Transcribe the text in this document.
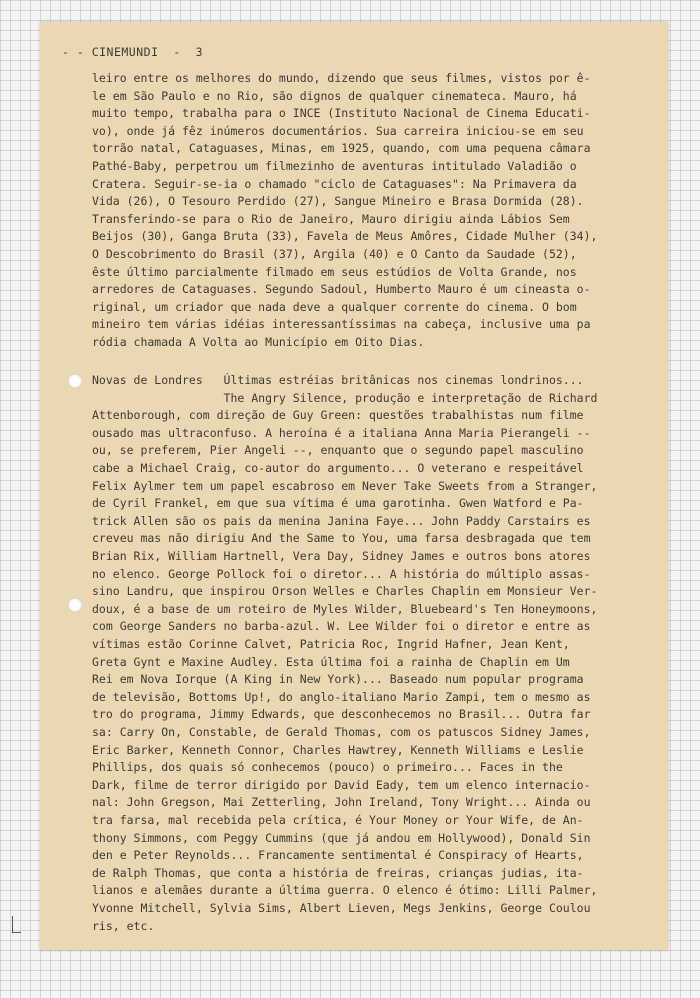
- - CINEMUNDI  -  3
leiro entre os melhores do mundo, dizendo que seus filmes, vistos por ê-
le em São Paulo e no Rio, são dignos de qualquer cinemateca. Mauro, há
muito tempo, trabalha para o INCE (Instituto Nacional de Cinema Educati-
vo), onde já fêz inúmeros documentários. Sua carreira iniciou-se em seu
torrão natal, Cataguases, Minas, em 1925, quando, com uma pequena câmara
Pathé-Baby, perpetrou um filmezinho de aventuras intitulado Valadião o
Cratera. Seguir-se-ia o chamado "ciclo de Cataguases": Na Primavera da
Vida (26), O Tesouro Perdido (27), Sangue Mineiro e Brasa Dormida (28).
Transferindo-se para o Rio de Janeiro, Mauro dirigiu ainda Lábios Sem
Beijos (30), Ganga Bruta (33), Favela de Meus Amôres, Cidade Mulher (34),
O Descobrimento do Brasil (37), Argila (40) e O Canto da Saudade (52),
êste último parcialmente filmado em seus estúdios de Volta Grande, nos
arredores de Cataguases. Segundo Sadoul, Humberto Mauro é um cineasta o-
riginal, um criador que nada deve a qualquer corrente do cinema. O bom
mineiro tem várias idéias interessantíssimas na cabeça, inclusive uma pa
ródia chamada A Volta ao Município em Oito Dias.
Novas de Londres   Últimas estréias britânicas nos cinemas londrinos...
The Angry Silence, produção e interpretação de Richard
Attenborough, com direção de Guy Green: questões trabalhistas num filme
ousado mas ultraconfuso. A heroína é a italiana Anna Maria Pierangeli --
ou, se preferem, Pier Angeli --, enquanto que o segundo papel masculino
cabe a Michael Craig, co-autor do argumento... O veterano e respeitável
Felix Aylmer tem um papel escabroso em Never Take Sweets from a Stranger,
de Cyril Frankel, em que sua vítima é uma garotinha. Gwen Watford e Pa-
trick Allen são os pais da menina Janina Faye... John Paddy Carstairs es
creveu mas não dirigiu And the Same to You, uma farsa desbragada que tem
Brian Rix, William Hartnell, Vera Day, Sidney James e outros bons atores
no elenco. George Pollock foi o diretor... A história do múltiplo assas-
sino Landru, que inspirou Orson Welles e Charles Chaplin em Monsieur Ver-
doux, é a base de um roteiro de Myles Wilder, Bluebeard's Ten Honeymoons,
com George Sanders no barba-azul. W. Lee Wilder foi o diretor e entre as
vítimas estão Corinne Calvet, Patricia Roc, Ingrid Hafner, Jean Kent,
Greta Gynt e Maxine Audley. Esta última foi a rainha de Chaplin em Um
Rei em Nova Iorque (A King in New York)... Baseado num popular programa
de televisão, Bottoms Up!, do anglo-italiano Mario Zampi, tem o mesmo as
tro do programa, Jimmy Edwards, que desconhecemos no Brasil... Outra far
sa: Carry On, Constable, de Gerald Thomas, com os patuscos Sidney James,
Eric Barker, Kenneth Connor, Charles Hawtrey, Kenneth Williams e Leslie
Phillips, dos quais só conhecemos (pouco) o primeiro... Faces in the
Dark, filme de terror dirigido por David Eady, tem um elenco internacio-
nal: John Gregson, Mai Zetterling, John Ireland, Tony Wright... Ainda ou
tra farsa, mal recebida pela crítica, é Your Money or Your Wife, de An-
thony Simmons, com Peggy Cummins (que já andou em Hollywood), Donald Sin
den e Peter Reynolds... Francamente sentimental é Conspiracy of Hearts,
de Ralph Thomas, que conta a história de freiras, crianças judias, ita-
lianos e alemães durante a última guerra. O elenco é ótimo: Lilli Palmer,
Yvonne Mitchell, Sylvia Sims, Albert Lieven, Megs Jenkins, George Coulou
ris, etc.
